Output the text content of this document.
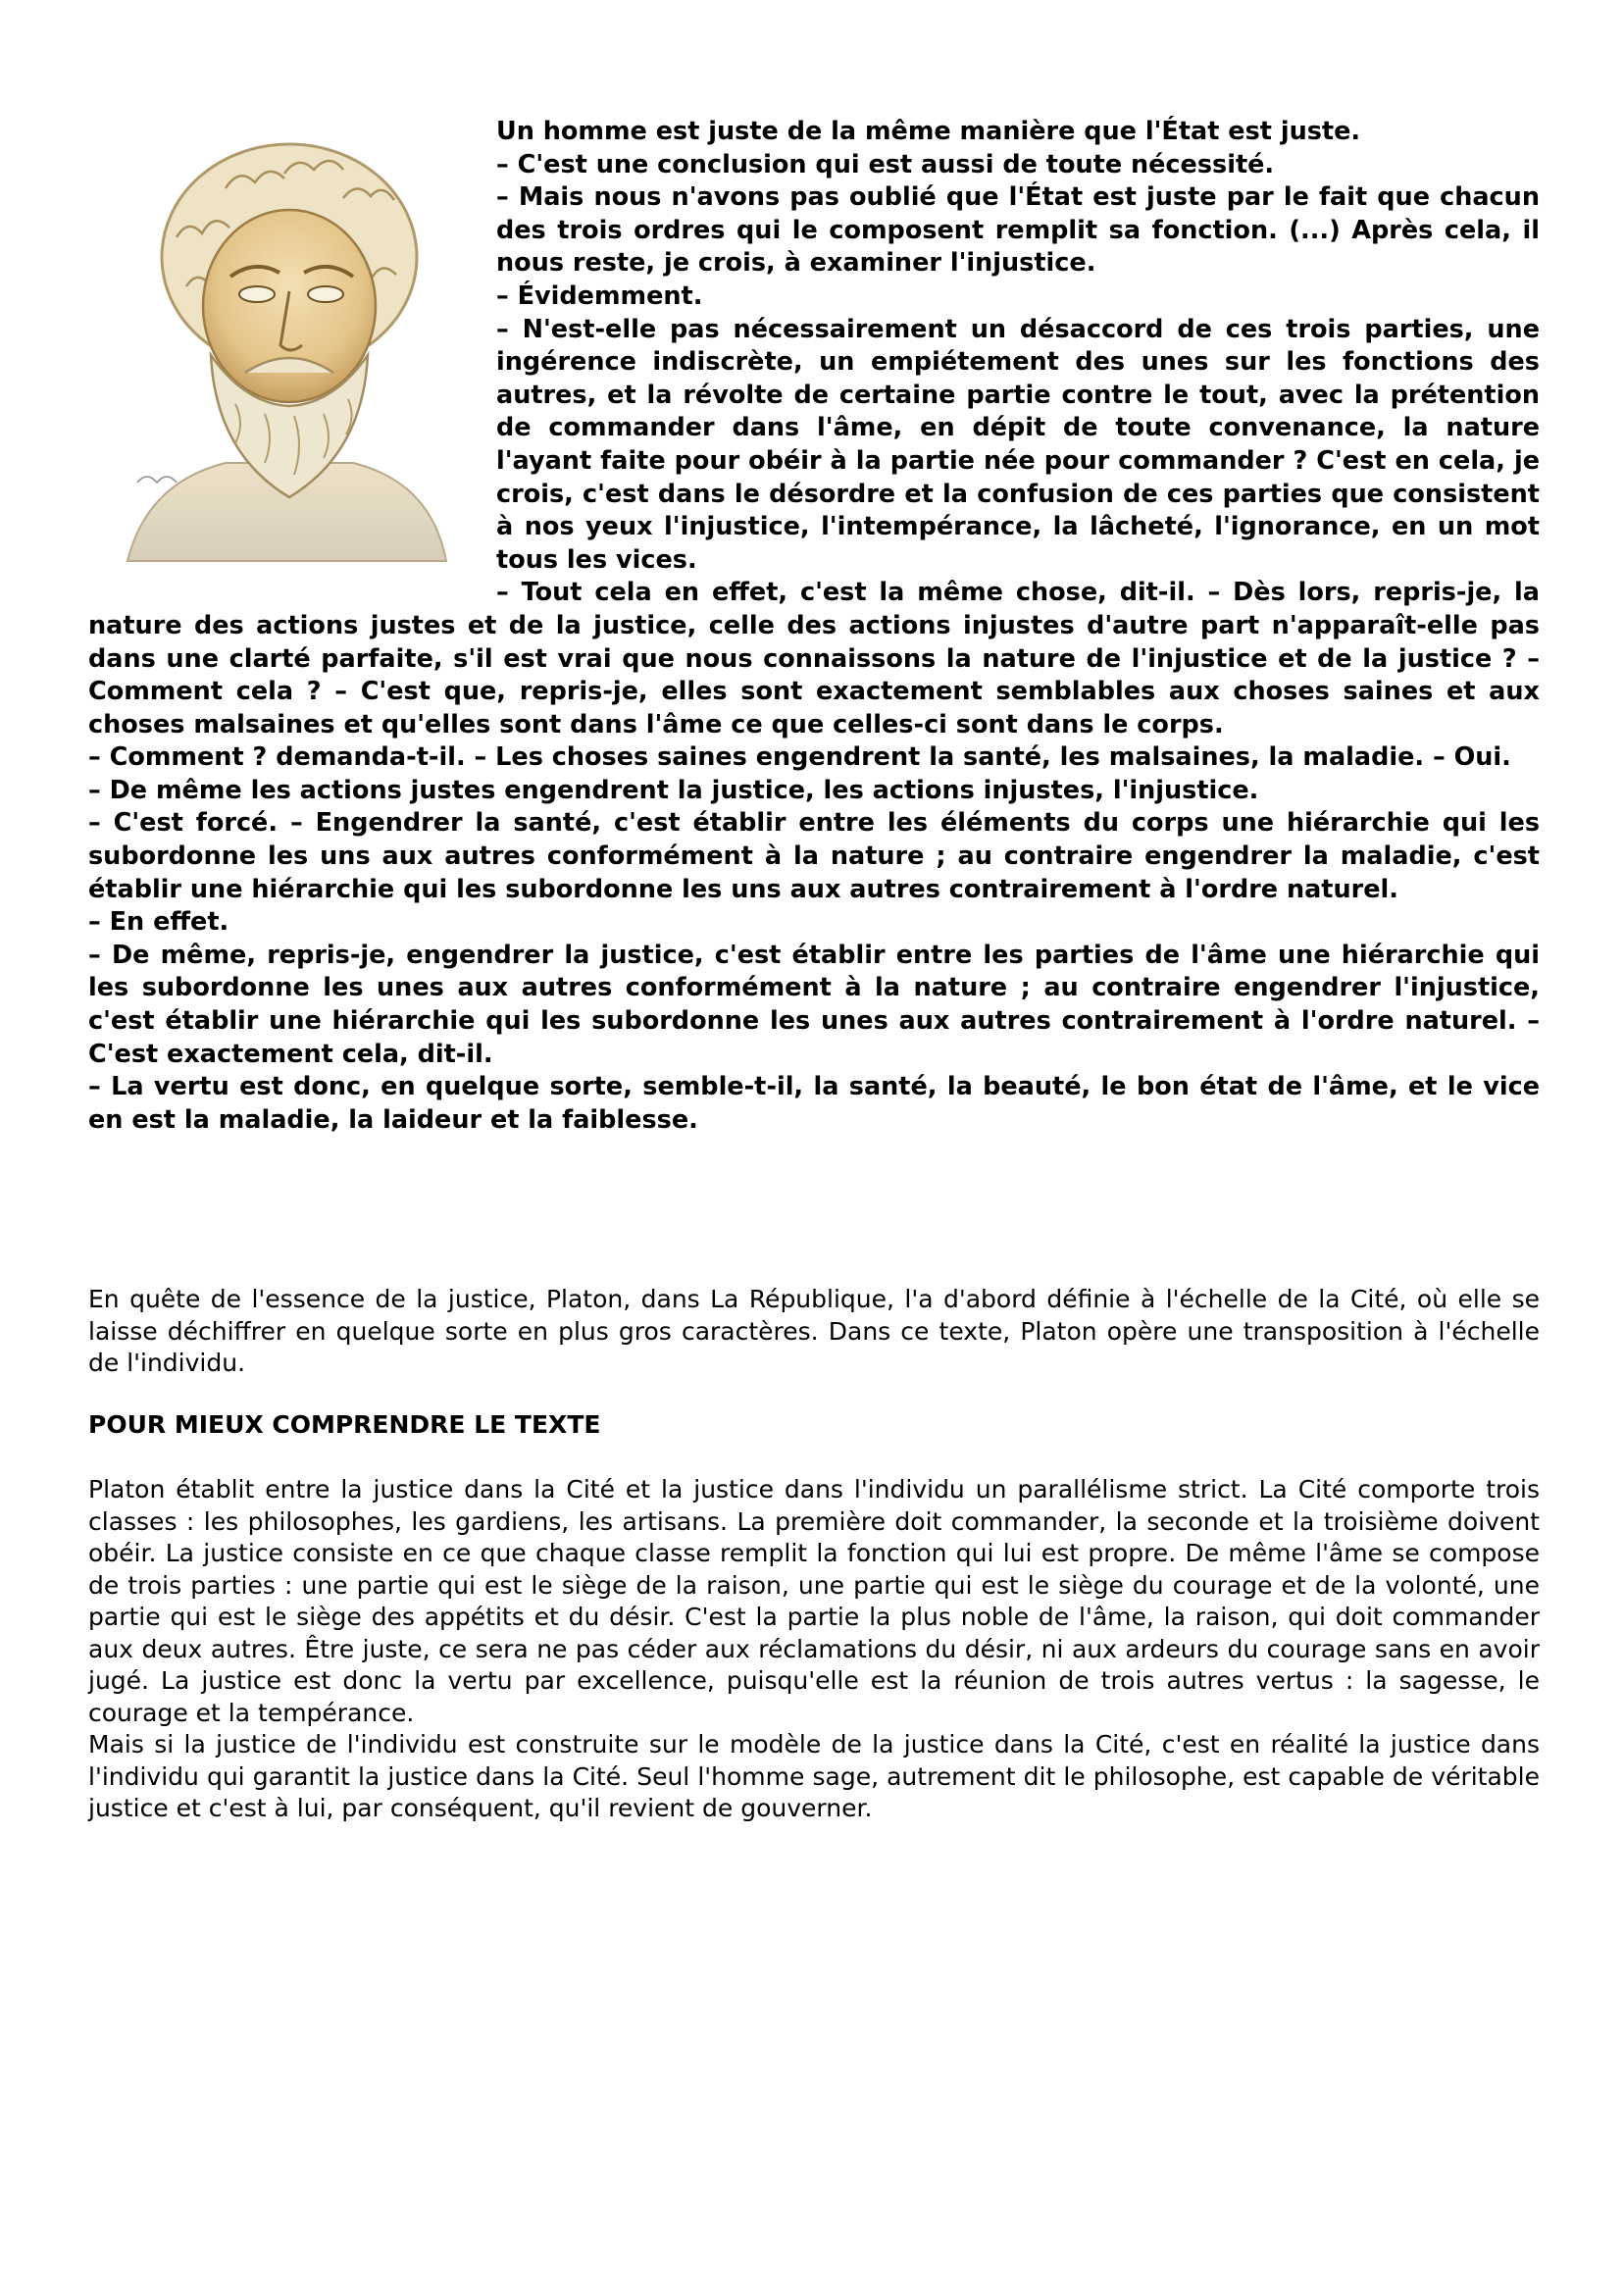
Un homme est juste de la même manière que l'État est juste.

– C'est une conclusion qui est aussi de toute nécessité.

– Mais nous n'avons pas oublié que l'État est juste par le fait que chacun des trois ordres qui le composent remplit sa fonction. (...) Après cela, il nous reste, je crois, à examiner l'injustice.

– Évidemment.

– N'est-elle pas nécessairement un désaccord de ces trois parties, une ingérence indiscrète, un empiétement des unes sur les fonctions des autres, et la révolte de certaine partie contre le tout, avec la prétention de commander dans l'âme, en dépit de toute convenance, la nature l'ayant faite pour obéir à la partie née pour commander ? C'est en cela, je crois, c'est dans le désordre et la confusion de ces parties que consistent à nos yeux l'injustice, l'intempérance, la lâcheté, l'ignorance, en un mot tous les vices.

– Tout cela en effet, c'est la même chose, dit-il. – Dès lors, repris-je, la nature des actions justes et de la justice, celle des actions injustes d'autre part n'apparaît-elle pas dans une clarté parfaite, s'il est vrai que nous connaissons la nature de l'injustice et de la justice ? – Comment cela ? – C'est que, repris-je, elles sont exactement semblables aux choses saines et aux choses malsaines et qu'elles sont dans l'âme ce que celles-ci sont dans le corps.

– Comment ? demanda-t-il. – Les choses saines engendrent la santé, les malsaines, la maladie. – Oui.

– De même les actions justes engendrent la justice, les actions injustes, l'injustice.

– C'est forcé. – Engendrer la santé, c'est établir entre les éléments du corps une hiérarchie qui les subordonne les uns aux autres conformément à la nature ; au contraire engendrer la maladie, c'est établir une hiérarchie qui les subordonne les uns aux autres contrairement à l'ordre naturel.

– En effet.

– De même, repris-je, engendrer la justice, c'est établir entre les parties de l'âme une hiérarchie qui les subordonne les unes aux autres conformément à la nature ; au contraire engendrer l'injustice, c'est établir une hiérarchie qui les subordonne les unes aux autres contrairement à l'ordre naturel. – C'est exactement cela, dit-il.

– La vertu est donc, en quelque sorte, semble-t-il, la santé, la beauté, le bon état de l'âme, et le vice en est la maladie, la laideur et la faiblesse.

En quête de l'essence de la justice, Platon, dans La République, l'a d'abord définie à l'échelle de la Cité, où elle se laisse déchiffrer en quelque sorte en plus gros caractères. Dans ce texte, Platon opère une transposition à l'échelle de l'individu.

POUR MIEUX COMPRENDRE LE TEXTE

Platon établit entre la justice dans la Cité et la justice dans l'individu un parallélisme strict. La Cité comporte trois classes : les philosophes, les gardiens, les artisans. La première doit commander, la seconde et la troisième doivent obéir. La justice consiste en ce que chaque classe remplit la fonction qui lui est propre. De même l'âme se compose de trois parties : une partie qui est le siège de la raison, une partie qui est le siège du courage et de la volonté, une partie qui est le siège des appétits et du désir. C'est la partie la plus noble de l'âme, la raison, qui doit commander aux deux autres. Être juste, ce sera ne pas céder aux réclamations du désir, ni aux ardeurs du courage sans en avoir jugé. La justice est donc la vertu par excellence, puisqu'elle est la réunion de trois autres vertus : la sagesse, le courage et la tempérance.

Mais si la justice de l'individu est construite sur le modèle de la justice dans la Cité, c'est en réalité la justice dans l'individu qui garantit la justice dans la Cité. Seul l'homme sage, autrement dit le philosophe, est capable de véritable justice et c'est à lui, par conséquent, qu'il revient de gouverner.
